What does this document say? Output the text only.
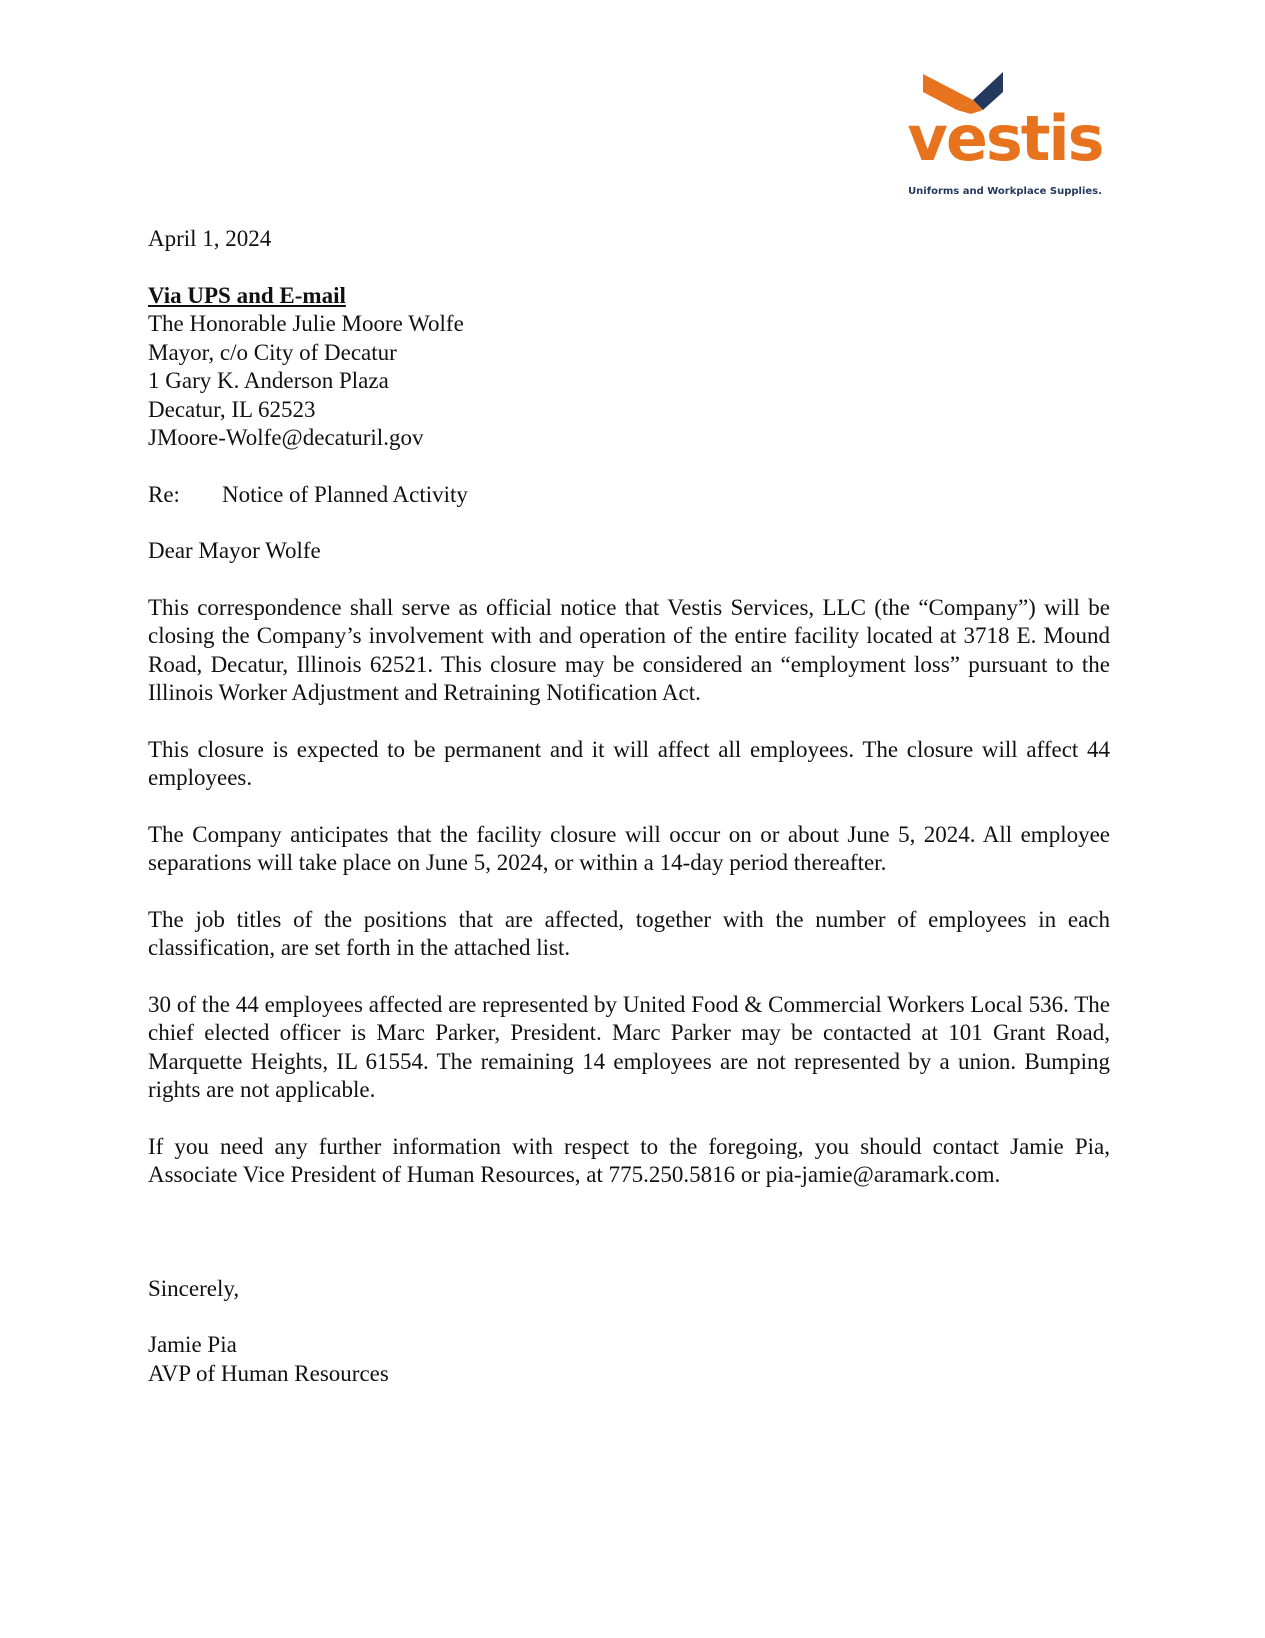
vestis
Uniforms and Workplace Supplies.

April 1, 2024

Via UPS and E-mail

The Honorable Julie Moore Wolfe

Mayor, c/o City of Decatur

1 Gary K. Anderson Plaza

Decatur, IL 62523

JMoore-Wolfe@decaturil.gov

Re:	Notice of Planned Activity

Dear Mayor Wolfe

This correspondence shall serve as official notice that Vestis Services, LLC (the “Company”) will be closing the Company’s involvement with and operation of the entire facility located at 3718 E. Mound Road, Decatur, Illinois 62521. This closure may be considered an “employment loss” pursuant to the Illinois Worker Adjustment and Retraining Notification Act.

This closure is expected to be permanent and it will affect all employees. The closure will affect 44 employees.

The Company anticipates that the facility closure will occur on or about June 5, 2024. All employee separations will take place on June 5, 2024, or within a 14-day period thereafter.

The job titles of the positions that are affected, together with the number of employees in each classification, are set forth in the attached list.

30 of the 44 employees affected are represented by United Food & Commercial Workers Local 536. The chief elected officer is Marc Parker, President. Marc Parker may be contacted at 101 Grant Road, Marquette Heights, IL 61554. The remaining 14 employees are not represented by a union. Bumping rights are not applicable.

If you need any further information with respect to the foregoing, you should contact Jamie Pia, Associate Vice President of Human Resources, at 775.250.5816 or pia-jamie@aramark.com.

Sincerely,

Jamie Pia

AVP of Human Resources
